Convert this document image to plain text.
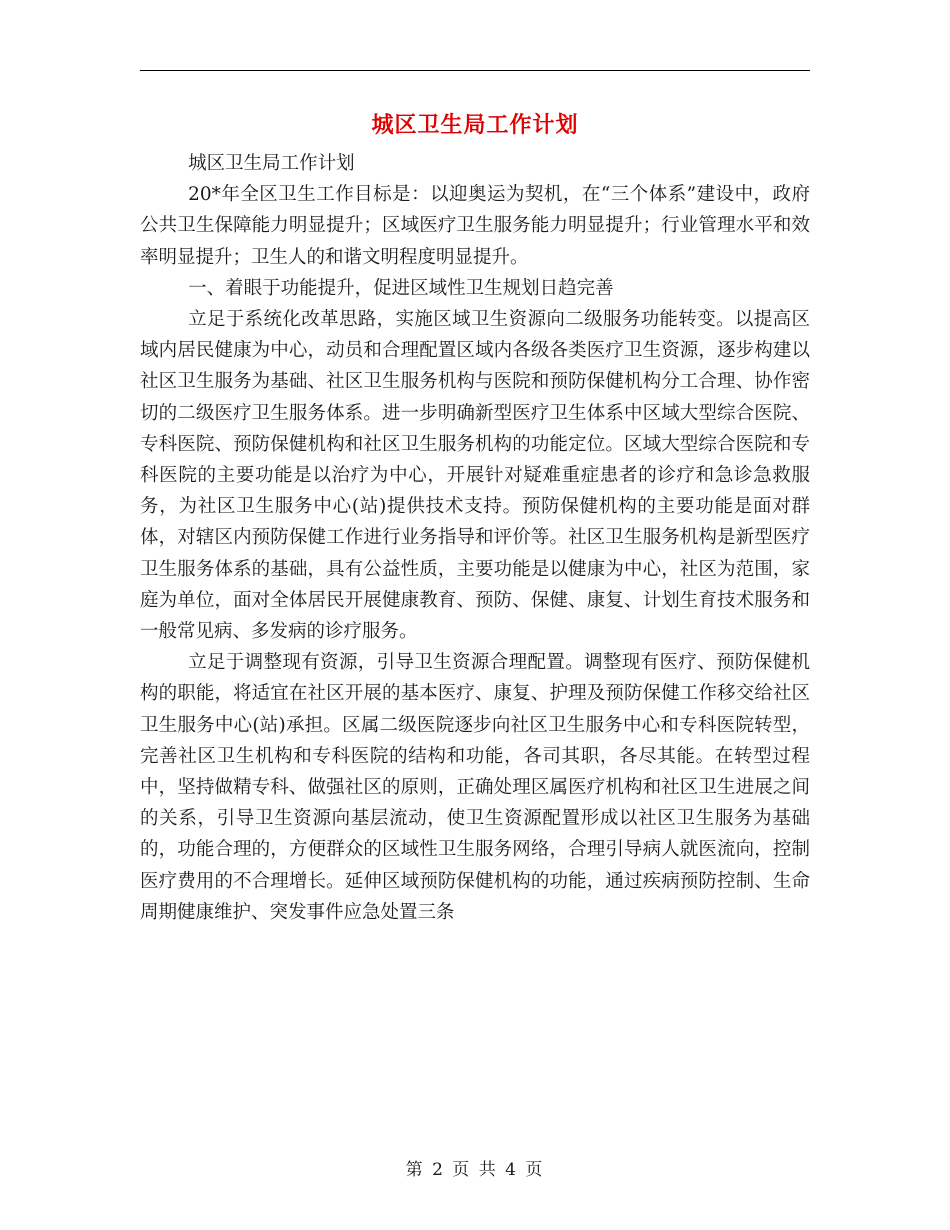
城区卫生局工作计划

城区卫生局工作计划

20*年全区卫生工作目标是：以迎奥运为契机，在“三个体系”建设中，政府公共卫生保障能力明显提升；区域医疗卫生服务能力明显提升；行业管理水平和效率明显提升；卫生人的和谐文明程度明显提升。

一、着眼于功能提升，促进区域性卫生规划日趋完善

立足于系统化改革思路，实施区域卫生资源向二级服务功能转变。以提高区域内居民健康为中心，动员和合理配置区域内各级各类医疗卫生资源，逐步构建以社区卫生服务为基础、社区卫生服务机构与医院和预防保健机构分工合理、协作密切的二级医疗卫生服务体系。进一步明确新型医疗卫生体系中区域大型综合医院、专科医院、预防保健机构和社区卫生服务机构的功能定位。区域大型综合医院和专科医院的主要功能是以治疗为中心，开展针对疑难重症患者的诊疗和急诊急救服务，为社区卫生服务中心(站)提供技术支持。预防保健机构的主要功能是面对群体，对辖区内预防保健工作进行业务指导和评价等。社区卫生服务机构是新型医疗卫生服务体系的基础，具有公益性质，主要功能是以健康为中心，社区为范围，家庭为单位，面对全体居民开展健康教育、预防、保健、康复、计划生育技术服务和一般常见病、多发病的诊疗服务。

立足于调整现有资源，引导卫生资源合理配置。调整现有医疗、预防保健机构的职能，将适宜在社区开展的基本医疗、康复、护理及预防保健工作移交给社区卫生服务中心(站)承担。区属二级医院逐步向社区卫生服务中心和专科医院转型，完善社区卫生机构和专科医院的结构和功能，各司其职，各尽其能。在转型过程中，坚持做精专科、做强社区的原则，正确处理区属医疗机构和社区卫生进展之间的关系，引导卫生资源向基层流动，使卫生资源配置形成以社区卫生服务为基础的，功能合理的，方便群众的区域性卫生服务网络，合理引导病人就医流向，控制医疗费用的不合理增长。延伸区域预防保健机构的功能，通过疾病预防控制、生命周期健康维护、突发事件应急处置三条

第 2 页 共 4 页
